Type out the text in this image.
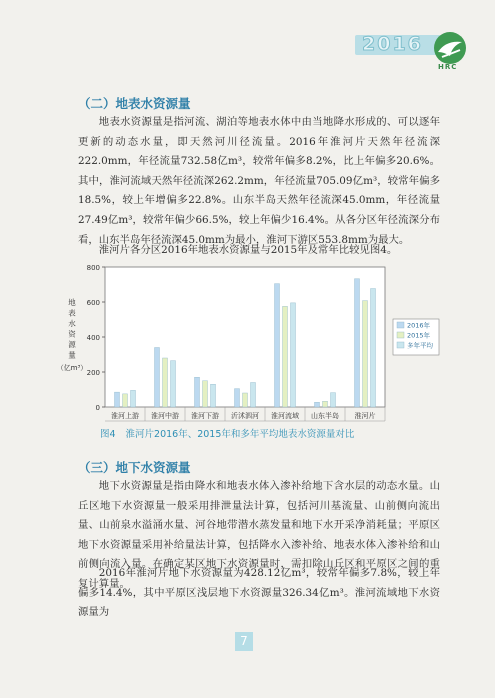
2016
HRC
（二）地表水资源量

地表水资源量是指河流、湖泊等地表水体中由当地降水形成的、可以逐年更新的动态水量，即天然河川径流量。2016年淮河片天然年径流深222.0mm，年径流量732.58亿m³，较常年偏多8.2%，比上年偏多20.6%。其中，淮河流域天然年径流深262.2mm，年径流量705.09亿m³，较常年偏多18.5%，较上年增偏多22.8%。山东半岛天然年径流深45.0mm，年径流量27.49亿m³，较常年偏少66.5%，较上年偏少16.4%。从各分区年径流深分布看，山东半岛年径流深45.0mm为最小，淮河下游区553.8mm为最大。

淮河片各分区2016年地表水资源量与2015年及常年比较见图4。

0
200
400
600
800
地表水资源量
（亿m³）
淮河上游 淮河中游 淮河下游 沂沭泗河 淮河流域 山东半岛 淮河片
2016年
2015年
多年平均
图4 淮河片2016年、2015年和多年平均地表水资源量对比
（三）地下水资源量

地下水资源量是指由降水和地表水体入渗补给地下含水层的动态水量。山丘区地下水资源量一般采用排泄量法计算，包括河川基流量、山前侧向流出量、山前泉水溢涌水量、河谷地带潜水蒸发量和地下水开采净消耗量；平原区地下水资源量采用补给量法计算，包括降水入渗补给、地表水体入渗补给和山前侧向流入量。在确定某区地下水资源量时，需扣除山丘区和平原区之间的重复计算量。

2016年淮河片地下水资源量为428.12亿m³，较常年偏多7.8%，较上年偏多14.4%，其中平原区浅层地下水资源量326.34亿m³。淮河流域地下水资源量为

7
